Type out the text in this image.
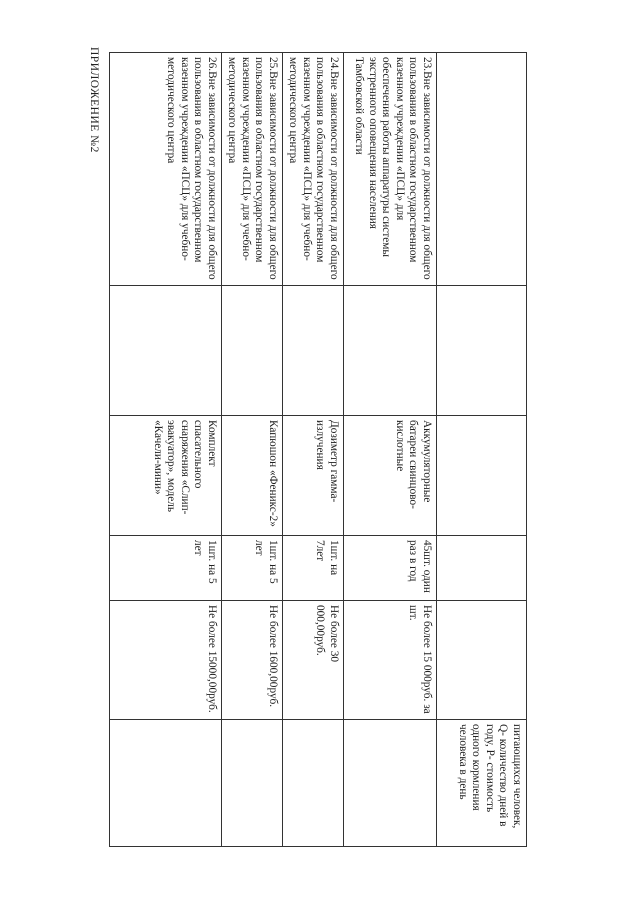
ПРИЛОЖЕНИЕ №2
					питающихся человек, Q- количество дней в году, P- стоимость одного кормления человека в день
23.Вне зависимости от должности для общего пользования в областном государственном казенном учреждении «ПСЦ» для обеспечения работы аппаратуры системы экстренного оповещения населения Тамбовской области		Аккумуляторные батареи свинцово-кислотные	45шт. один раз в год	Не более 15 000руб. за шт.	
24.Вне зависимости от должности для общего пользования в областном государственном казенном учреждении «ПСЦ» для учебно-методического центра		Дозиметр гамма-излучения	1шт. на 7лет	Не более 30 000,00руб.	
25.Вне зависимости от должности для общего пользования в областном государственном казенном учреждении «ПСЦ» для учебно-методического центра		Капюшон «Феникс-2»	1шт. на 5 лет	Не более 1600,00руб.	
26.Вне зависимости от должности для общего пользования в областном государственном казенном учреждении «ПСЦ» для учебно-методического центра		Комплект спасательного снаряжения «Слип-эвакуатор», модель «Качели-мини»	1шт. на 5 лет	Не более 15000,00руб.	
